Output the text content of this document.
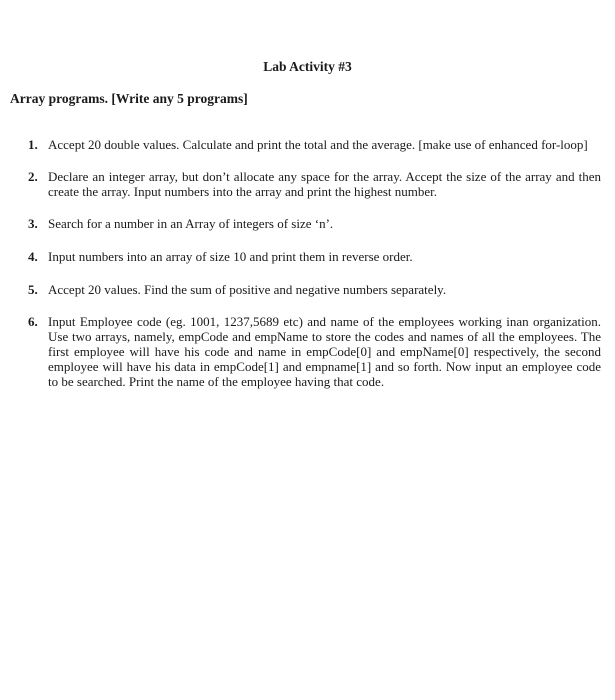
Lab Activity #3
Array programs. [Write any 5 programs]
1. Accept 20 double values. Calculate and print the total and the average. [make use of enhanced for-loop]
2. Declare an integer array, but don’t allocate any space for the array. Accept the size of the array and then create the array. Input numbers into the array and print the highest number.
3. Search for a number in an Array of integers of size ‘n’.
4. Input numbers into an array of size 10 and print them in reverse order.
5. Accept 20 values. Find the sum of positive and negative numbers separately.
6. Input Employee code (eg. 1001, 1237,5689 etc) and name of the employees working inan organization. Use two arrays, namely, empCode and empName to store the codes and names of all the employees. The first employee will have his code and name in empCode[0] and empName[0] respectively, the second employee will have his data in empCode[1] and empname[1] and so forth. Now input an employee code to be searched. Print the name of the employee having that code.
